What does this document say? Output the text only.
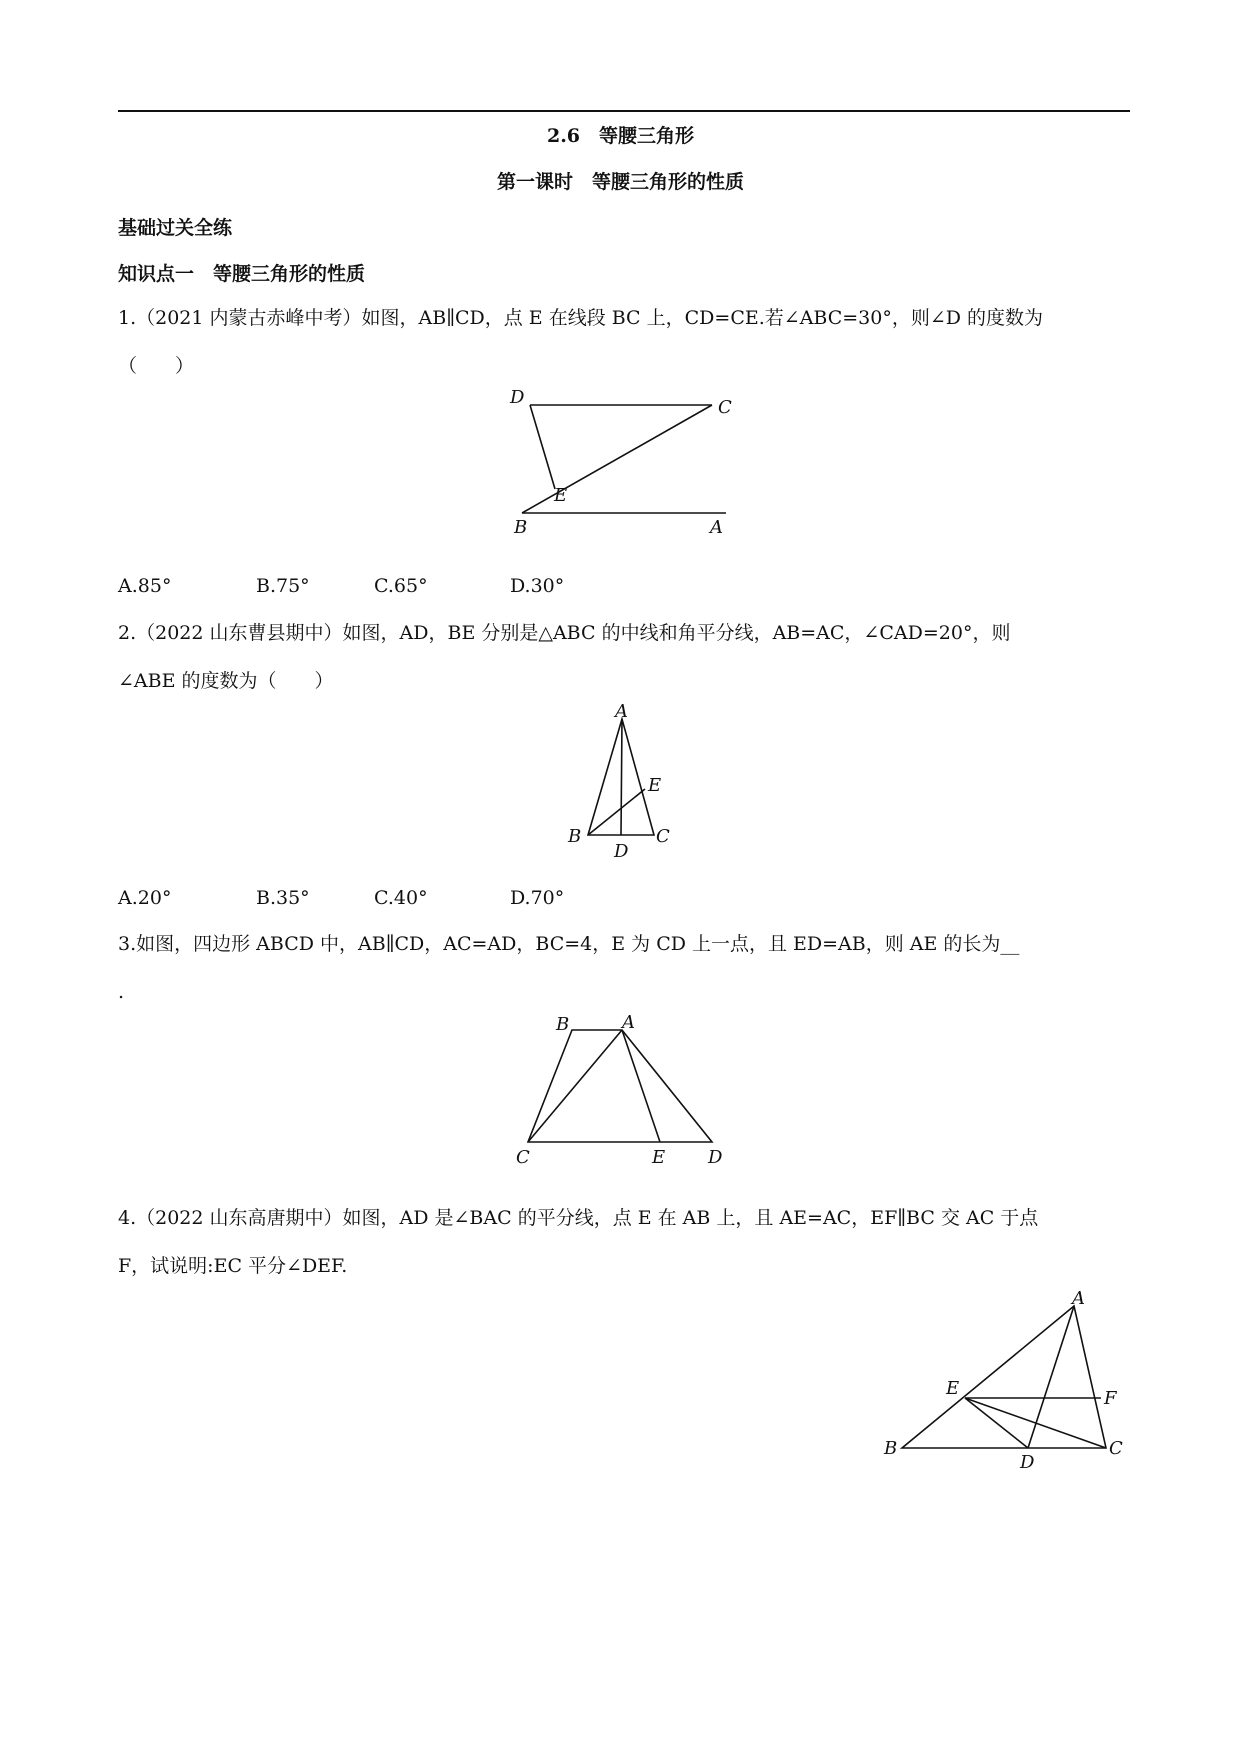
2.6　等腰三角形
第一课时　等腰三角形的性质
基础过关全练
知识点一　等腰三角形的性质
1.（2021 内蒙古赤峰中考）如图，AB∥CD，点 E 在线段 BC 上，CD=CE.若∠ABC=30°，则∠D 的度数为
（　　）
D	C
E
B	A
A.85°	B.75°	C.65°	D.30°
2.（2022 山东曹县期中）如图，AD，BE 分别是△ABC 的中线和角平分线，AB=AC，∠CAD=20°，则
∠ABE 的度数为（　　）
A
E
B
D
C
A.20°	B.35°	C.40°	D.70°
3.如图，四边形 ABCD 中，AB∥CD，AC=AD，BC=4，E 为 CD 上一点，且 ED=AB，则 AE 的长为__
.
B	A
C	E D
4.（2022 山东高唐期中）如图，AD 是∠BAC 的平分线，点 E 在 AB 上，且 AE=AC，EF∥BC 交 AC 于点
F，试说明:EC 平分∠DEF.
A
E	F
B
D
C
